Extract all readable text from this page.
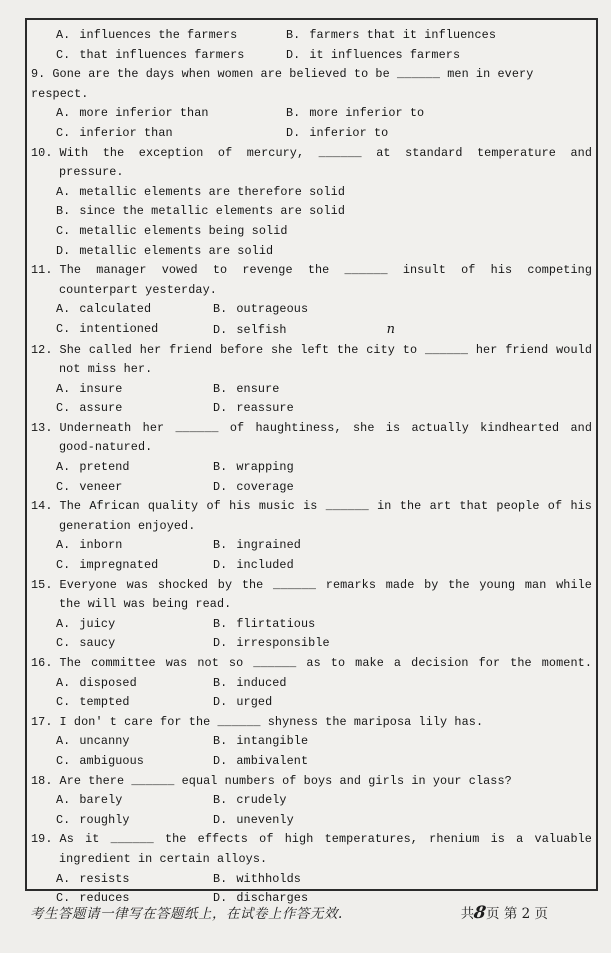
A. influences the farmers	B. farmers that it influences
C. that influences farmers	D. it influences farmers
9. Gone are the days when women are believed to be ______ men in every respect.
A. more inferior than	B. more inferior to
C. inferior than	D. inferior to
10. With the exception of mercury, ______ at standard temperature and
pressure.
A. metallic elements are therefore solid
B. since the metallic elements are solid
C. metallic elements being solid
D. metallic elements are solid
11. The manager vowed to revenge the ______ insult of his competing
counterpart yesterday.
A. calculated	B. outrageous
C. intentioned	D. selfish	n
12. She called her friend before she left the city to ______ her friend would
not miss her.
A. insure	B. ensure
C. assure	D. reassure
13. Underneath her ______ of haughtiness, she is actually kindhearted and
good-natured.
A. pretend	B. wrapping
C. veneer	D. coverage
14. The African quality of his music is ______ in the art that people of his
generation enjoyed.
A. inborn	B. ingrained
C. impregnated	D. included
15. Everyone was shocked by the ______ remarks made by the young man while
the will was being read.
A. juicy	B. flirtatious
C. saucy	D. irresponsible
16. The committee was not so ______ as to make a decision for the moment.
A. disposed	B. induced
C. tempted	D. urged
17. I don' t care for the ______ shyness the mariposa lily has.
A. uncanny	B. intangible
C. ambiguous	D. ambivalent
18. Are there ______ equal numbers of boys and girls in your class?
A. barely	B. crudely
C. roughly	D. unevenly
19. As it ______ the effects of high temperatures, rhenium is a valuable
ingredient in certain alloys.
A. resists	B. withholds
C. reduces	D. discharges
考生答题请一律写在答题纸上，在试卷上作答无效.	共8页 第 2 页
